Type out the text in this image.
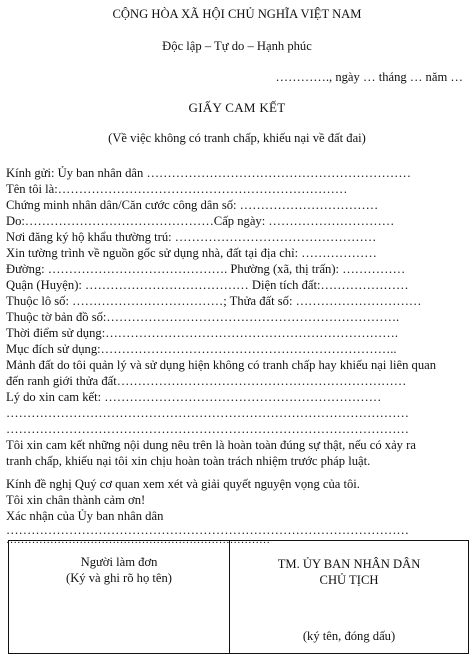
CỘNG HÒA XÃ HỘI CHỦ NGHĨA VIỆT NAM
Độc lập – Tự do – Hạnh phúc
…………., ngày … tháng … năm …
GIẤY CAM KẾT
(Về việc không có tranh chấp, khiếu nại về đất đai)
Kính gửi: Ủy ban nhân dân ………………………………………………………
Tên tôi là:……………………………………………………………
Chứng minh nhân dân/Căn cước công dân số: ……………………………
Do:………………………………………Cấp ngày: …………………………
Nơi đăng ký hộ khẩu thường trú: …………………………………………
Xin tường trình về nguồn gốc sử dụng nhà, đất tại địa chỉ: ………………
Đường: ……………………………………. Phường (xã, thị trấn): ……………
Quận (Huyện): ………………………………… Diện tích đất:…………………
Thuộc lô số: ………………………………; Thửa đất số: …………………………
Thuộc tờ bản đồ số:…………………………………………………………….
Thời điểm sử dụng:…………………………………………………………….
Mục đích sử dụng:……………………………………………………………..
Mảnh đất do tôi quản lý và sử dụng hiện không có tranh chấp hay khiếu nại liên quan
đến ranh giới thửa đất……………………………………………………………
Lý do xin cam kết: …………………………………………………………
……………………………………………………………………………………
……………………………………………………………………………………
Tôi xin cam kết những nội dung nêu trên là hoàn toàn đúng sự thật, nếu có xảy ra
tranh chấp, khiếu nại tôi xin chịu hoàn toàn trách nhiệm trước pháp luật.
Kính đề nghị Quý cơ quan xem xét và giải quyết nguyện vọng của tôi.
Tôi xin chân thành cảm ơn!
Xác nhận của Ủy ban nhân dân
……………………………………………………………………………………
………………………………………………………………
Người làm đơn
(Ký và ghi rõ họ tên)
TM. ỦY BAN NHÂN DÂN
CHỦ TỊCH
(ký tên, đóng dấu)
